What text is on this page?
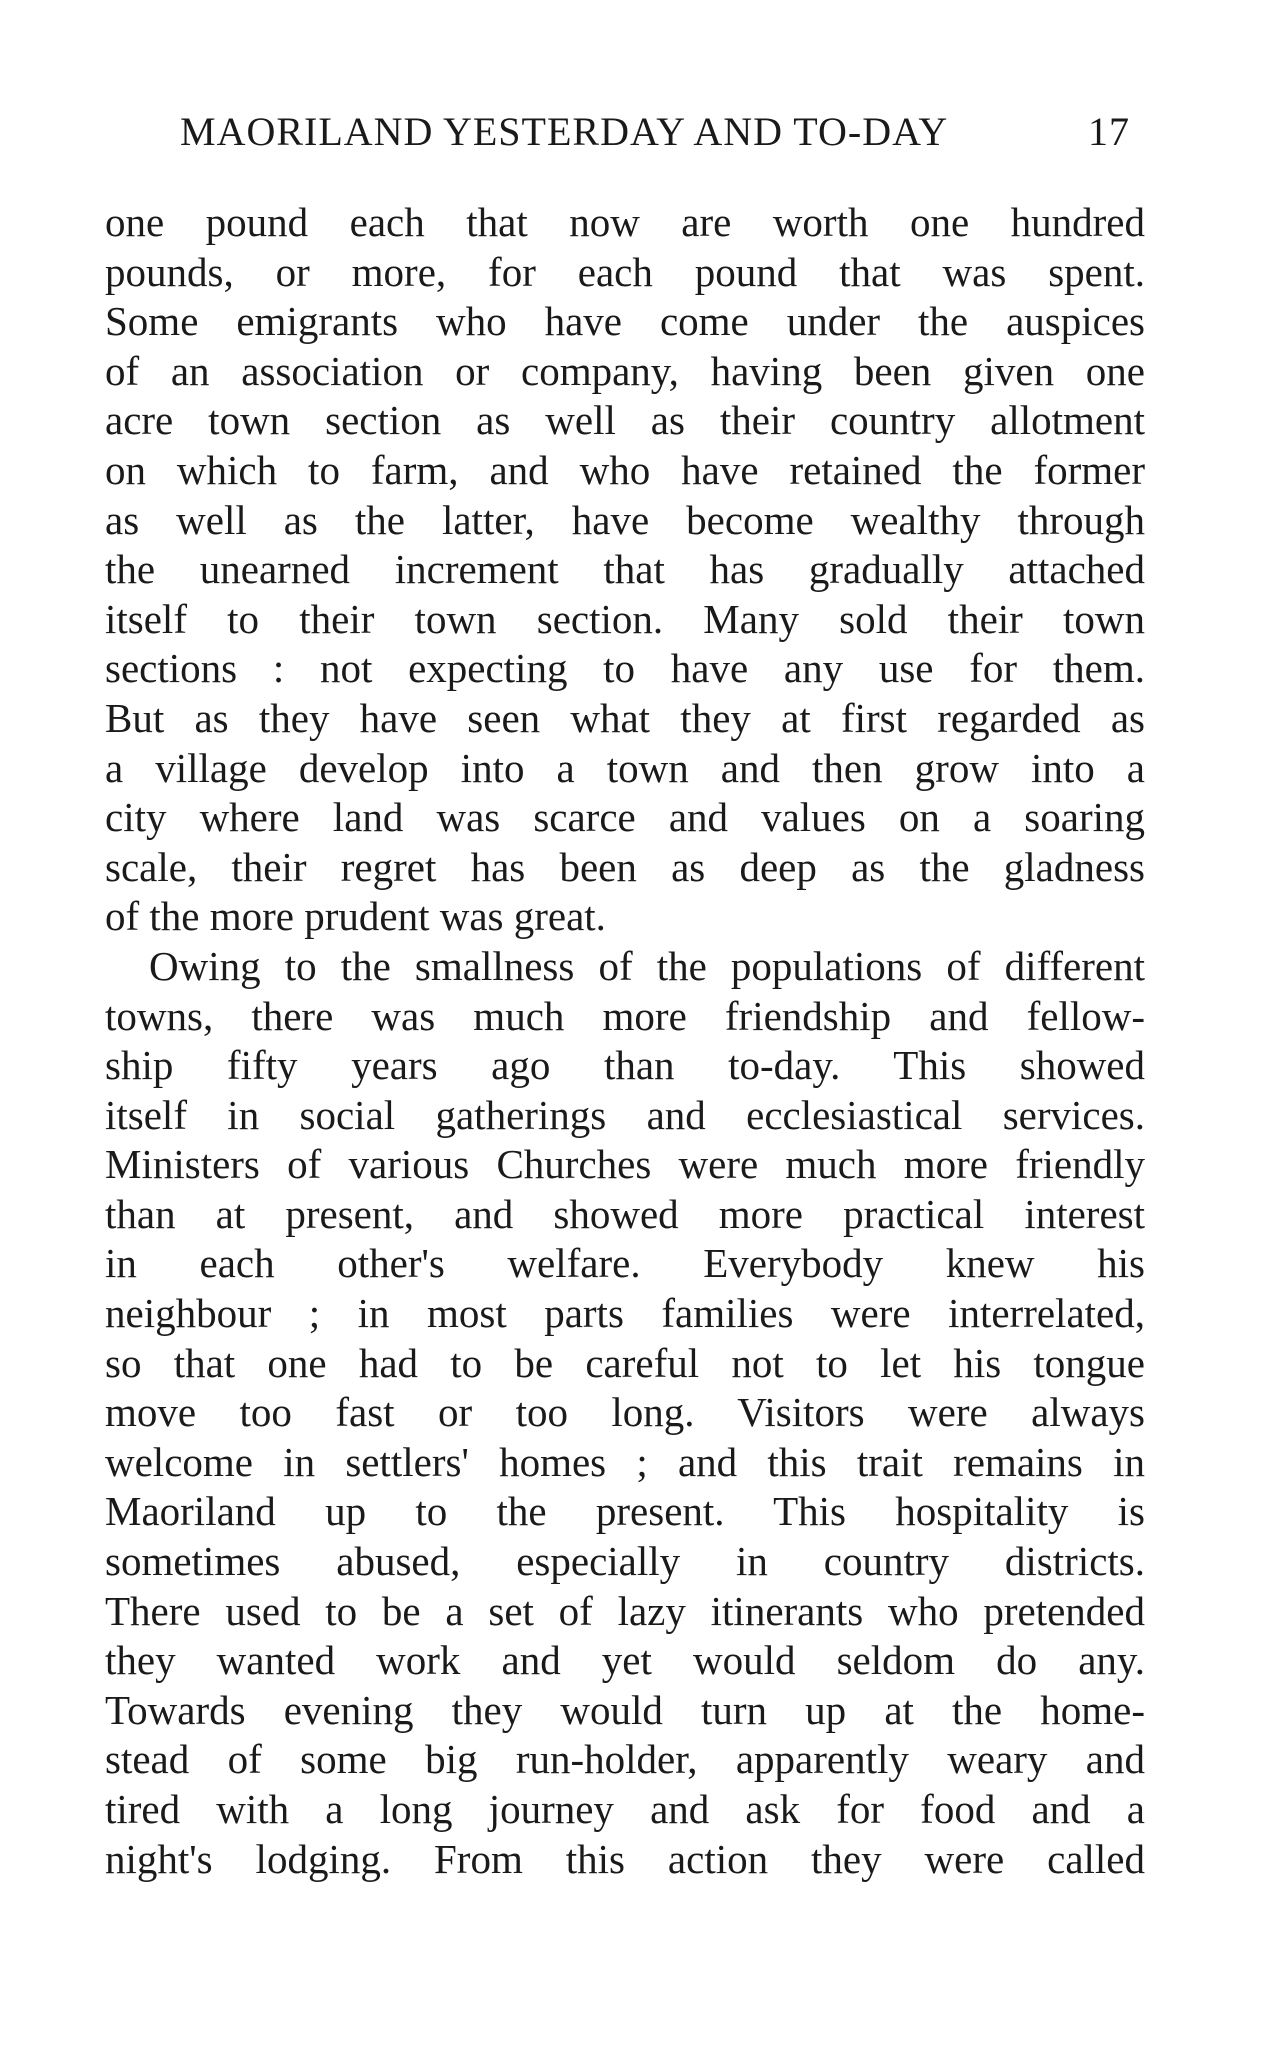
MAORILAND YESTERDAY AND TO-DAY	17
one pound each that now are worth one hundred
pounds, or more, for each pound that was spent.
Some emigrants who have come under the auspices
of an association or company, having been given one
acre town section as well as their country allotment
on which to farm, and who have retained the former
as well as the latter, have become wealthy through
the unearned increment that has gradually attached
itself to their town section. Many sold their town
sections : not expecting to have any use for them.
But as they have seen what they at first regarded as
a village develop into a town and then grow into a
city where land was scarce and values on a soaring
scale, their regret has been as deep as the gladness
of the more prudent was great.
Owing to the smallness of the populations of different
towns, there was much more friendship and fellow-
ship fifty years ago than to-day. This showed
itself in social gatherings and ecclesiastical services.
Ministers of various Churches were much more friendly
than at present, and showed more practical interest
in each other's welfare. Everybody knew his
neighbour ; in most parts families were interrelated,
so that one had to be careful not to let his tongue
move too fast or too long. Visitors were always
welcome in settlers' homes ; and this trait remains in
Maoriland up to the present. This hospitality is
sometimes abused, especially in country districts.
There used to be a set of lazy itinerants who pretended
they wanted work and yet would seldom do any.
Towards evening they would turn up at the home-
stead of some big run-holder, apparently weary and
tired with a long journey and ask for food and a
night's lodging. From this action they were called
